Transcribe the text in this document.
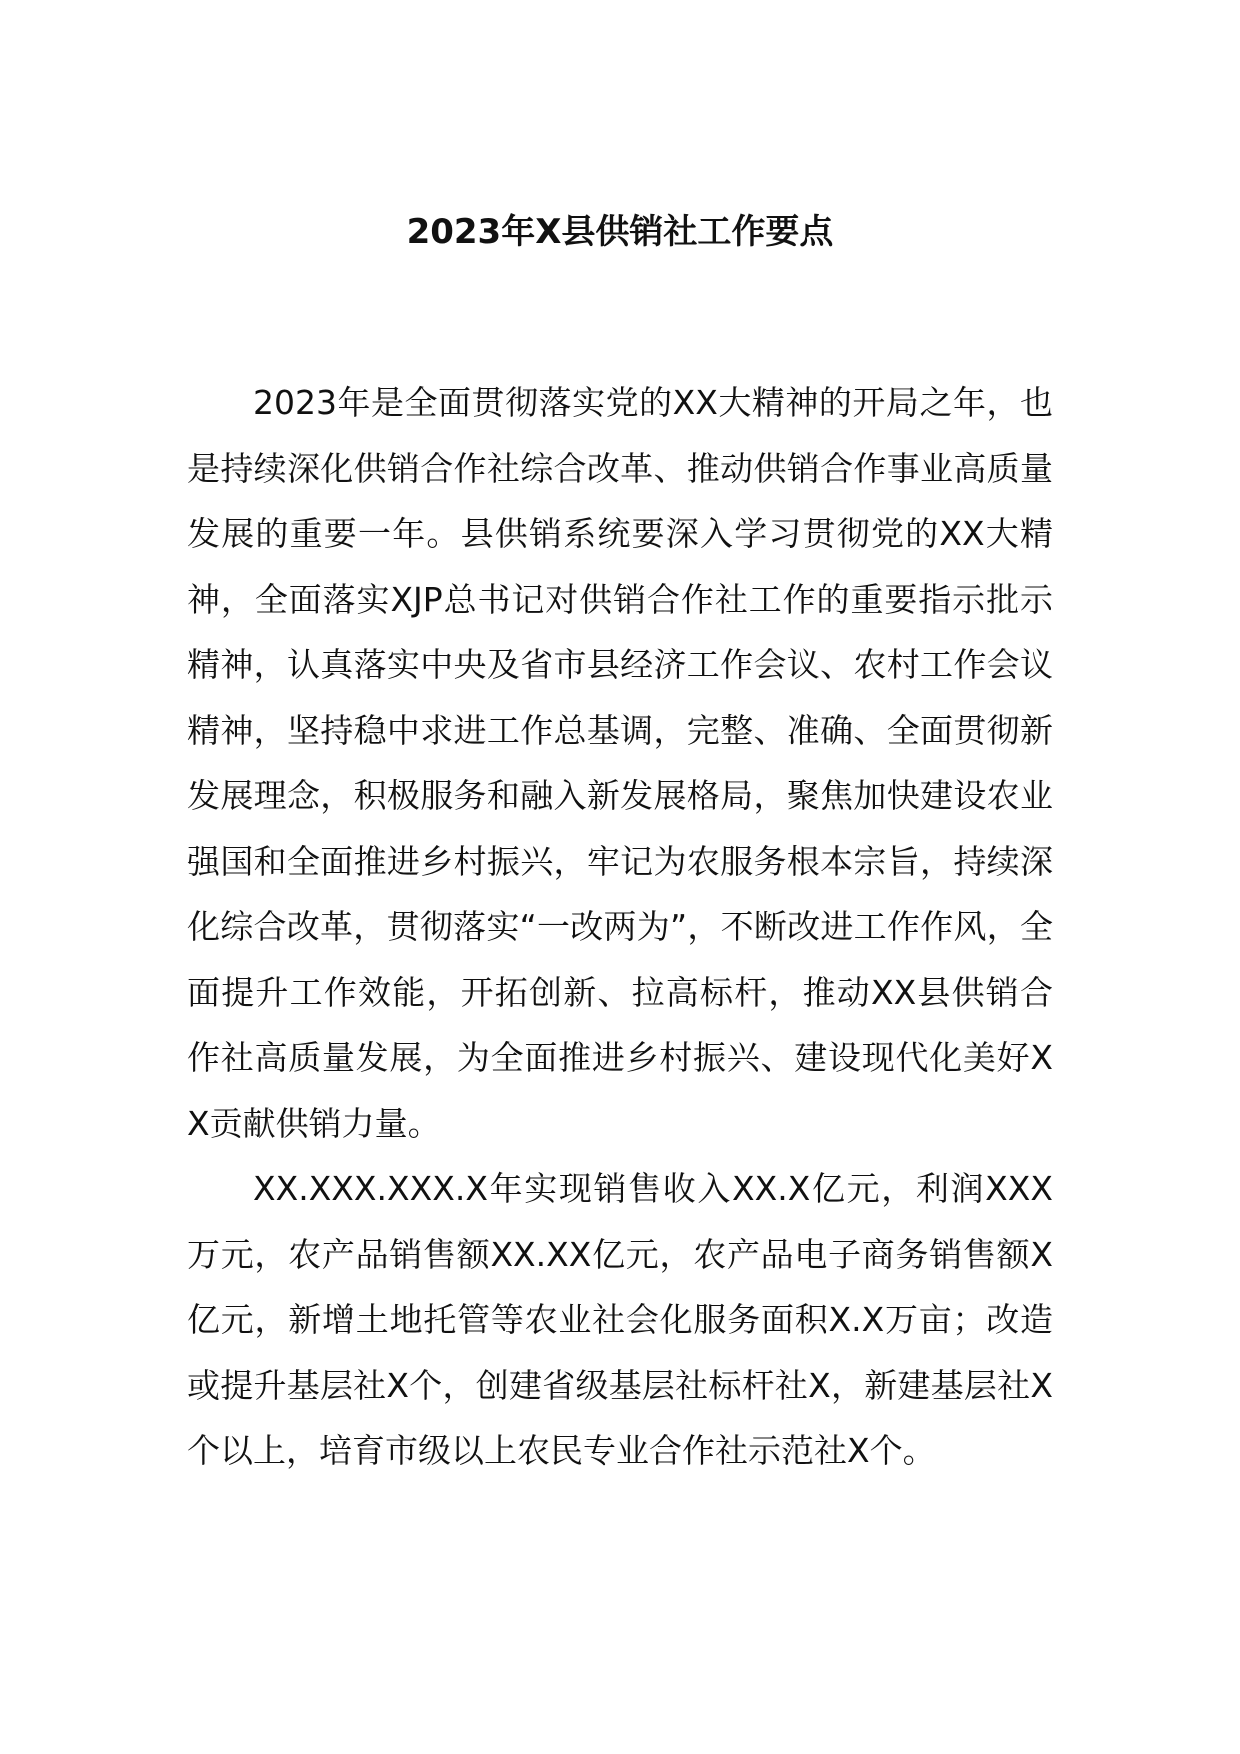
2023年X县供销社工作要点

2023年是全面贯彻落实党的XX大精神的开局之年，也是持续深化供销合作社综合改革、推动供销合作事业高质量发展的重要一年。县供销系统要深入学习贯彻党的XX大精神，全面落实XJP总书记对供销合作社工作的重要指示批示精神，认真落实中央及省市县经济工作会议、农村工作会议精神，坚持稳中求进工作总基调，完整、准确、全面贯彻新发展理念，积极服务和融入新发展格局，聚焦加快建设农业强国和全面推进乡村振兴，牢记为农服务根本宗旨，持续深化综合改革，贯彻落实“一改两为”，不断改进工作作风，全面提升工作效能，开拓创新、拉高标杆，推动XX县供销合作社高质量发展，为全面推进乡村振兴、建设现代化美好XX贡献供销力量。

XX.XXX.XXX.X年实现销售收入XX.X亿元，利润XXX万元，农产品销售额XX.XX亿元，农产品电子商务销售额X亿元，新增土地托管等农业社会化服务面积X.X万亩；改造或提升基层社X个，创建省级基层社标杆社X，新建基层社X个以上，培育市级以上农民专业合作社示范社X个。
